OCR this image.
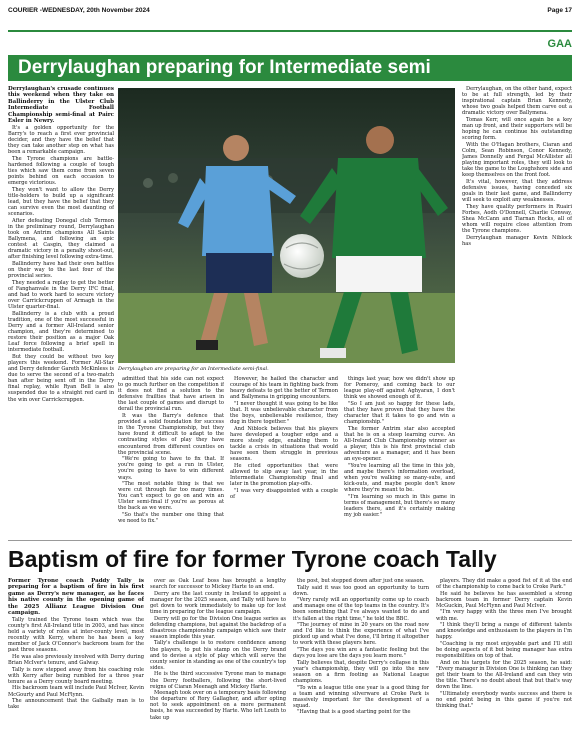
COURIER -WEDNESDAY, 20th November 2024	Page 17
GAA
Derrylaughan preparing for Intermediate semi

Derrylaughan's crusade continues this weekend when they take on Ballinderry in the Ulster Club Intermediate Football Championship semi-final at Pairc Esler in Newry.

It's a golden opportunity for the Barry's to reach a first ever provincial decider, and they have the belief that they can take another step on what has been a remarkable campaign.

The Tyrone champions are battle-hardened following a couple of tough ties which saw them come from seven points behind on each occasion to emerge victorious.

They won't want to allow the Derry title-holders to build up a significant lead, but they have the belief that they can survive even the most daunting of scenarios.

After defeating Donegal club Termon in the preliminary round, Derrylaughan took on Antrim champions All Saints Ballymena, and following an epic contest at Casgin, they claimed a dramatic victory in a penalty shoot-out, after finishing level following extra-time.

Ballinderry have had their own battles on their way to the last four of the provincial series.

They needed a replay to get the better of Fanghanvale in the Derry IFC final, and had to work hard to secure victory over Carrickcruppen of Armagh in the Ulster quarter-final.

Ballinderry is a club with a proud tradition, one of the most successful in Derry and a former All-Ireland senior champion, and they're determined to restore their position as a major Oak Leaf force following a brief spell in intermediate football.

But they could be without two key players this weekend. Former All-Star and Derry defender Gareth McKinless is due to serve the second of a two-match ban after being sent off in the Derry final replay, while Ryan Bell is also suspended due to a straight red card in the win over Carrickcruppen.

Derrylaughan are preparing for an Intermediate semi-final.

admitted that his side can not expect to go much further on the competition if it does not find a solution to the defensive frailties that have arisen in the last couple of games and disrupt to derail the provincial run.

It was the Barry's defence that provided a solid foundation for success in the Tyrone Championship, but they have found it difficult to adapt to the contrasting styles of play they have encountered from different counties on the provincial scene.

"We're going to have to fix that. If you're going to get a run in Ulster, you're going to have to win different ways.

"The most notable thing is that we were cut through far too many times. You can't expect to go on and win an Ulster semi-final if you're as porous at the back as we were.

"So that's the number one thing that we need to fix."

However, he hailed the character and courage of his team in fighting back from heavy defeats to get the better of Termon and Ballymena in gripping encounters.

"I never thought it was going to be like that. It was unbelievable character from the boys, unbelievable resilience, they dug in there together."

And Niblock believes that his players have developed a tougher edge and a more steely edge, enabling them to tackle a crisis in situations that would have seen them struggle in previous seasons.

He cited opportunities that were allowed to slip away last year, in the Intermediate Championship final and later in the promotion play-offs.

"I was very disappointed with a couple of

things last year, how we didn't show up for Pomeroy, and coming back to our league play-off against Aghyaran, I don't think we showed enough of it.

"So I am just so happy for these lads, that they have proven that they have the character that it takes to go and win a championship."

The former Antrim star also accepted that he is on a steep learning curve. An All-Ireland Club Championship winner as a player, this is his first provincial club adventure as a manager, and it has been an eye-opener.

"You're learning all the time in this job, and maybe there's information overload, when you're walking so many-subs, and kick-outs, and maybe people don't know where they're meant to be.

"I'm learning so much in this game in terms of management, but there's so many leaders there, and it's certainly making my job easier."

Derrylaughan, on the other hand, expect to be at full strength, led by their inspirational captain Brian Kennedy, whose two goals helped them carve out a dramatic victory over Ballymena.

Tomas Kerr, will once again be a key man up front, and their supporters will be hoping he can continue his outstanding scoring form.

With the O'Hagan brothers, Ciaran and Colm, Sean Robinson, Conor Kennedy, James Donnelly and Fergal McAllister all playing important roles, they will look to take the game to the Loughshore side and keep themselves on the front foot.

It's vital, however, that they address defensive issues, having conceded six goals in their last game, and Ballinderry will seek to exploit any weaknesses.

They have quality performers in Ruairi Forbes, Aodh O'Donnell, Charlie Conway, Shea McCann and Tiarnan Rocks, all of whom will require close attention from the Tyrone champions.

Derrylaughan manager Kevin Niblock has

Baptism of fire for former Tyrone coach Tally

Former Tyrone coach Paddy Tally is preparing for a baptism of fire in his first game as Derry's new manager, as he faces his native county in the opening game of the 2025 Allianz League Division One campaign.

Tally trained the Tyrone team which was the county's first All-Ireland title in 2003, and has since held a variety of roles at inter-county level, most recently with Kerry, where he has been a key member of Jack O'Connor's backroom team for the past three seasons.

He was also previously involved with Derry during Brian McIver's tenure, and Galway.

Tally is now stepped away from his coaching role with Kerry after being rumbled for a three year tenure as a Derry county board meeting.

His backroom team will include Paul McIver, Kevin McGourty and Paul McFlynn.

The announcement that the Galbally man is to take

over as Oak Leaf boss has brought a lengthy search for successor to Mickey Harte to an end.

Derry are the last county in Ireland to appoint a manager for the 2025 season, and Tally will have to get down to work immediately to make up for lost time in preparing for the league campaign.

Derry will go for the Division One league series as defending champions, but against the backdrop of a disastrous championship campaign which saw their season implode this year.

Tally's challenge is to restore confidence among the players, to put his stamp on the Derry brand and to devise a style of play which will serve the county senior in standing as one of the country's top sides.

He is the third successive Tyrone man to manage the Derry footballers, following the short-lived reigns of Ciaran Meenagh and Mickey Harte.

Meenagh took over on a temporary basis following the departure of Rory Gallagher, and after opting not to seek appointment on a more permanent basis, he was succeeded by Harte. Who left Louth to take up

the post, but stepped down after just one season.

Tally said it was too good an opportunity to turn down.

"Very rarely will an opportunity come up to coach and manage one of the top teams in the country. It's been something that I've always wanted to do and it's fallen at the right time," he told the BBC.

"The journey of mine in 20 years on the road now and I'd like to think the experience of what I've picked up and what I've done, I'll bring it altogether to work with these players here.

"The days you win are a fantastic feeling but the days you lose are the days you learn more."

Tally believes that, despite Derry's collapse in this year's championship, they will go into the new season on a firm footing as National League champions.

"To win a league title one year is a good thing for a team and winning silverware at Croke Park is massively important for the development of a squad.

"Having that is a good starting point for the

players. They did make a good fist of it at the end of the championship to come back to Croke Park."

He said he believes he has assembled a strong backroom team in former Derry captain Kevin McGuckin, Paul McFlynn and Paul McIver.

"I'm very happy with the three men I've brought with me.

"I think they'll bring a range of different talents and knowledge and enthusiasm to the players in I'm happy.

"Coaching is my most enjoyable part and I'll still be doing aspects of it but being manager has extra responsibilities on top of that.

And on his targets for the 2025 season, he said: "Every manager in Division One is thinking can they get their team to the All-Ireland and can they win the title. There's no doubt about that but that's way down the line.

"Ultimately everybody wants success and there is no end point being in this game if you're not thinking that."
